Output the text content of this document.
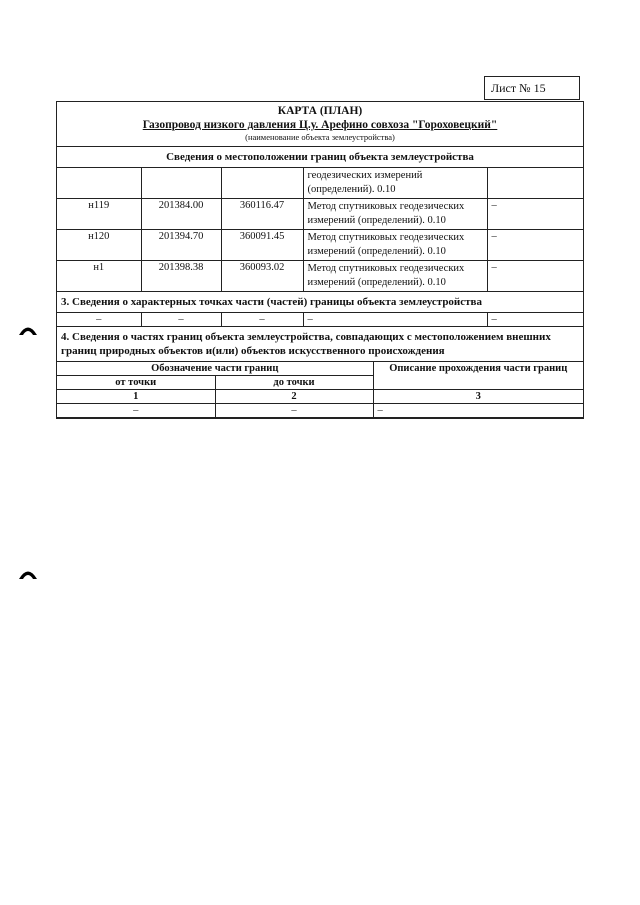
Лист № 15
КАРТА (ПЛАН)
Газопровод низкого давления Ц.у. Арефино совхоза "Гороховецкий"
(наименование объекта землеустройства)
Сведения о местоположении границ объекта землеустройства
			геодезических измерений (определений). 0.10	
н119	201384.00	360116.47	Метод спутниковых геодезических измерений (определений). 0.10	–
н120	201394.70	360091.45	Метод спутниковых геодезических измерений (определений). 0.10	–
н1	201398.38	360093.02	Метод спутниковых геодезических измерений (определений). 0.10	–
3. Сведения о характерных точках части (частей) границы объекта землеустройства
–	–	–	–	–
4. Сведения о частях границ объекта землеустройства, совпадающих с местоположением внешних границ природных объектов и(или) объектов искусственного происхождения
Обозначение части границ		Описание прохождения части границ
от точки	до точки	
1	2	3
–	–	–
